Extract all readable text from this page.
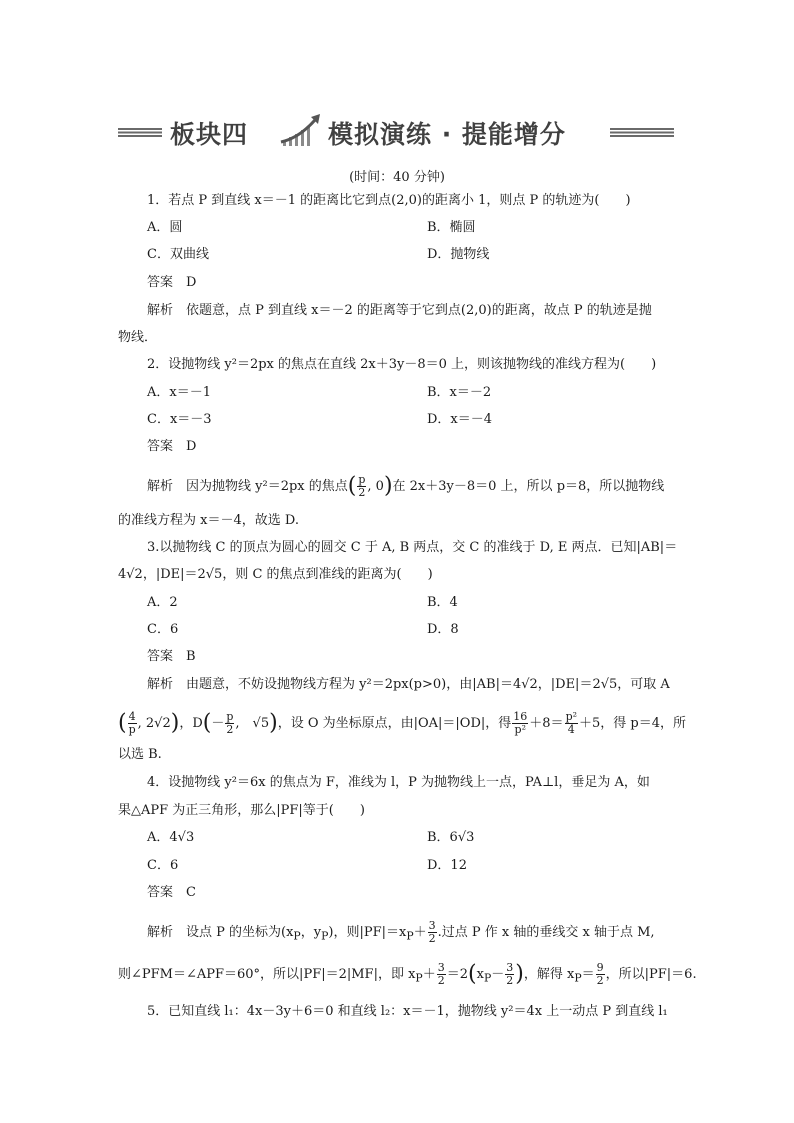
板块四	模拟演练 · 提能增分
(时间：40 分钟)
1．若点 P 到直线 x＝－1 的距离比它到点(2,0)的距离小 1，则点 P 的轨迹为(　　)
A．圆	B．椭圆
C．双曲线	D．抛物线
答案　D
解析　依题意，点 P 到直线 x＝－2 的距离等于它到点(2,0)的距离，故点 P 的轨迹是抛
物线．
2．设抛物线 y²＝2px 的焦点在直线 2x＋3y－8＝0 上，则该抛物线的准线方程为(　　)
A．x＝－1	B．x＝－2
C．x＝－3	D．x＝－4
答案　D
解析　因为抛物线 y²＝2px 的焦点( $\frac{p}{2}$ , 0)在 2x＋3y－8＝0 上，所以 p＝8，所以抛物线
的准线方程为 x＝－4，故选 D.
3.以抛物线 C 的顶点为圆心的圆交 C 于 A, B 两点，交 C 的准线于 D, E 两点．已知|AB|＝
4√2，|DE|＝2√5，则 C 的焦点到准线的距离为(　　)
A．2	B．4
C．6	D．8
答案　B
解析　由题意，不妨设抛物线方程为 y²＝2px(p>0)，由|AB|＝4√2，|DE|＝2√5，可取 A
( $\frac{4}{p}$ , 2√2)，$D(- \frac{p}{2}$ ,　√5)，设 O 为坐标原点，由|OA|＝|OD|，得 $\frac{16}{\text{p²}} +8= \frac{\text{p²}}{4} +5$，得 p＝4，所
以选 B.
4．设抛物线 y²＝6x 的焦点为 F，准线为 l，P 为抛物线上一点，PA⊥l，垂足为 A，如
果△APF 为正三角形，那么|PF|等于(　　)
A．4√3	B．6√3
C．6	D．12
答案　C
解析　设点 P 的坐标为($x_P$，$y_P$)，则$|PF|=x_P+ \frac{3}{2}$ .过点 P 作 x 轴的垂线交 x 轴于点 M,
则∠PFM＝∠APF＝60°，所以|PF|＝2|MF|，即 $x_P+ \frac{3}{2} =2(x_P- \frac{3}{2}$ )，解得 $x_P= \frac{9}{2}$ ，所以|PF|＝6.
5．已知直线 l₁：4x－3y＋6＝0 和直线 l₂：x＝－1，抛物线 y²＝4x 上一动点 P 到直线 l₁
